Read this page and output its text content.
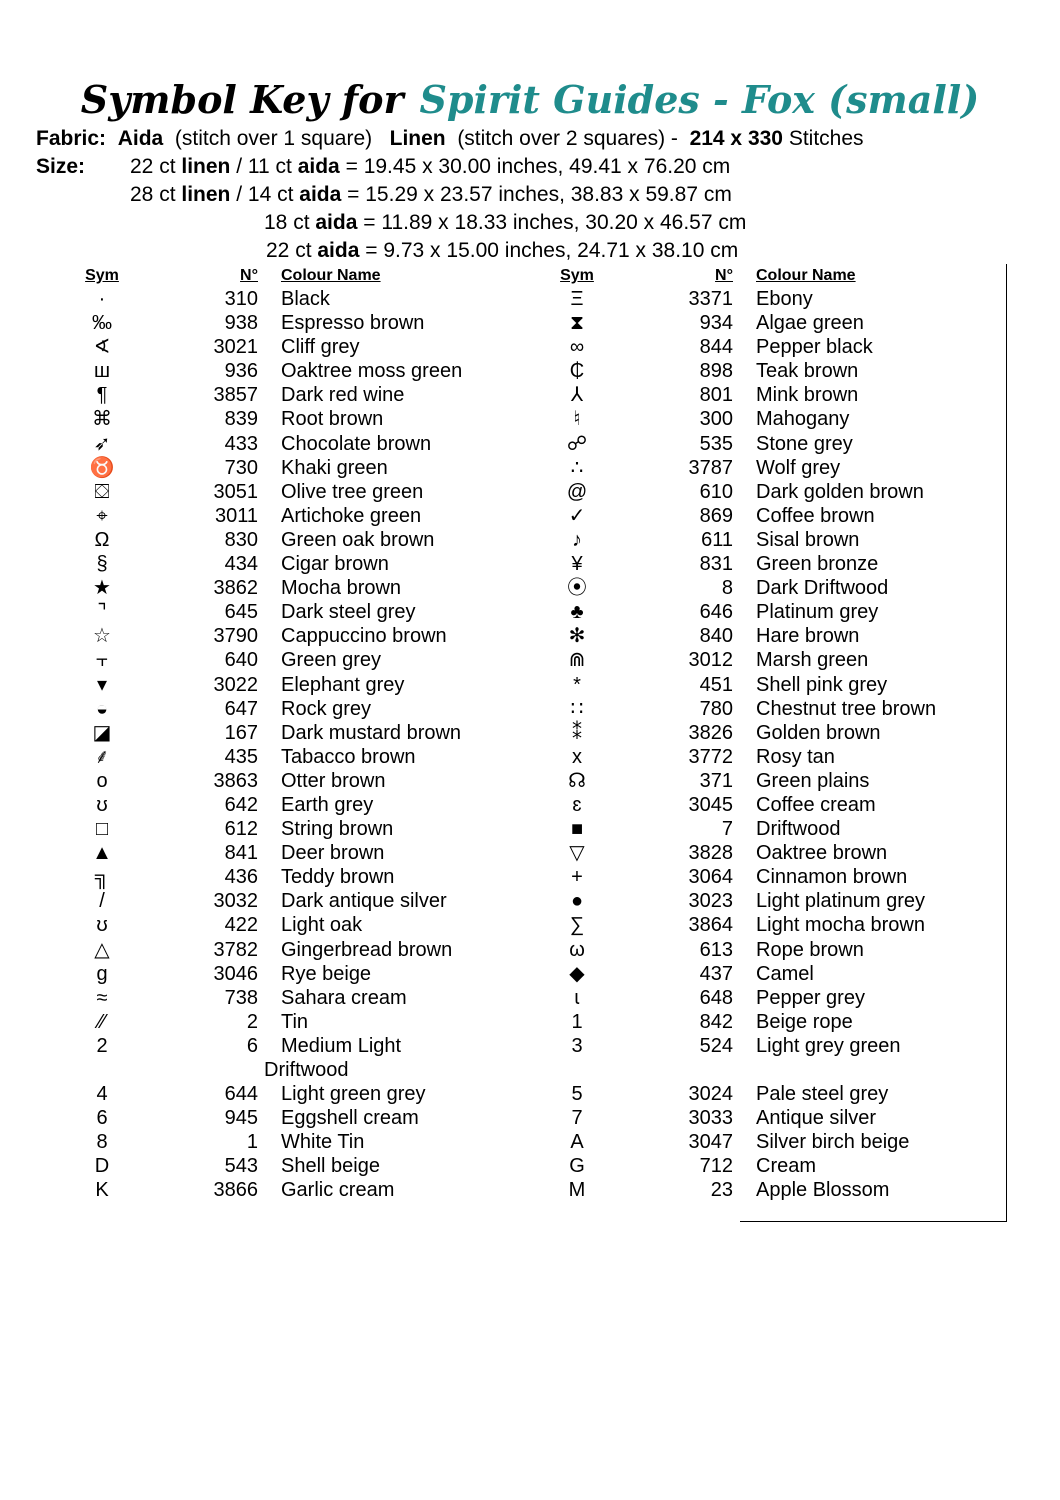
Symbol Key for Spirit Guides - Fox (small)
Fabric: Aida (stitch over 1 square) Linen (stitch over 2 squares) - 214 x 330 Stitches
Size: 22 ct linen / 11 ct aida = 19.45 x 30.00 inches, 49.41 x 76.20 cm
28 ct linen / 14 ct aida = 15.29 x 23.57 inches, 38.83 x 59.87 cm
18 ct aida = 11.89 x 18.33 inches, 30.20 x 46.57 cm
22 ct aida = 9.73 x 15.00 inches, 24.71 x 38.10 cm
Sym	N° Colour Name
·	310 Black
‰	938 Espresso brown
∢	3021 Cliff grey
ш	936 Oaktree moss green
¶	3857 Dark red wine
⌘	839 Root brown
➶	433 Chocolate brown
♉	730 Khaki green
⛋	3051 Olive tree green
⌖	3011 Artichoke green
Ω	830 Green oak brown
§	434 Cigar brown
★	3862 Mocha brown
⌝	645 Dark steel grey
☆	3790 Cappuccino brown
⫟	640 Green grey
▾	3022 Elephant grey
◒	647 Rock grey
◪	167 Dark mustard brown
⸙	435 Tabacco brown
o	3863 Otter brown
ʊ	642 Earth grey
□	612 String brown
▲	841 Deer brown
╗	436 Teddy brown
/	3032 Dark antique silver
ʊ	422 Light oak
△	3782 Gingerbread brown
g	3046 Rye beige
≈	738 Sahara cream
⁄⁄	2 Tin
2	6	Medium Light Driftwood
4	644 Light green grey
6	945 Eggshell cream
8	1 White Tin
D	543 Shell beige
K	3866 Garlic cream
Sym	N° Colour Name
Ξ	3371 Ebony
⧗	934 Algae green
∞	844 Pepper black
₵	898 Teak brown
⅄	801 Mink brown
♮	300 Mahogany
☍	535 Stone grey
∴	3787 Wolf grey
@	610 Dark golden brown
✓	869 Coffee brown
♪	611 Sisal brown
¥	831 Green bronze
⦿	8 Dark Driftwood
♣	646 Platinum grey
✻	840 Hare brown
⋒	3012 Marsh green
*	451 Shell pink grey
∷	780 Chestnut tree brown
⁑	3826 Golden brown
x	3772 Rosy tan
☊	371 Green plains
ɛ	3045 Coffee cream
■	7 Driftwood
▽	3828 Oaktree brown
+	3064 Cinnamon brown
●	3023 Light platinum grey
∑	3864 Light mocha brown
ω	613 Rope brown
◆	437 Camel
ɩ	648 Pepper grey
1	842 Beige rope
3	524 Light grey green
5	3024 Pale steel grey
7	3033 Antique silver
A	3047 Silver birch beige
G	712 Cream
M	23 Apple Blossom
